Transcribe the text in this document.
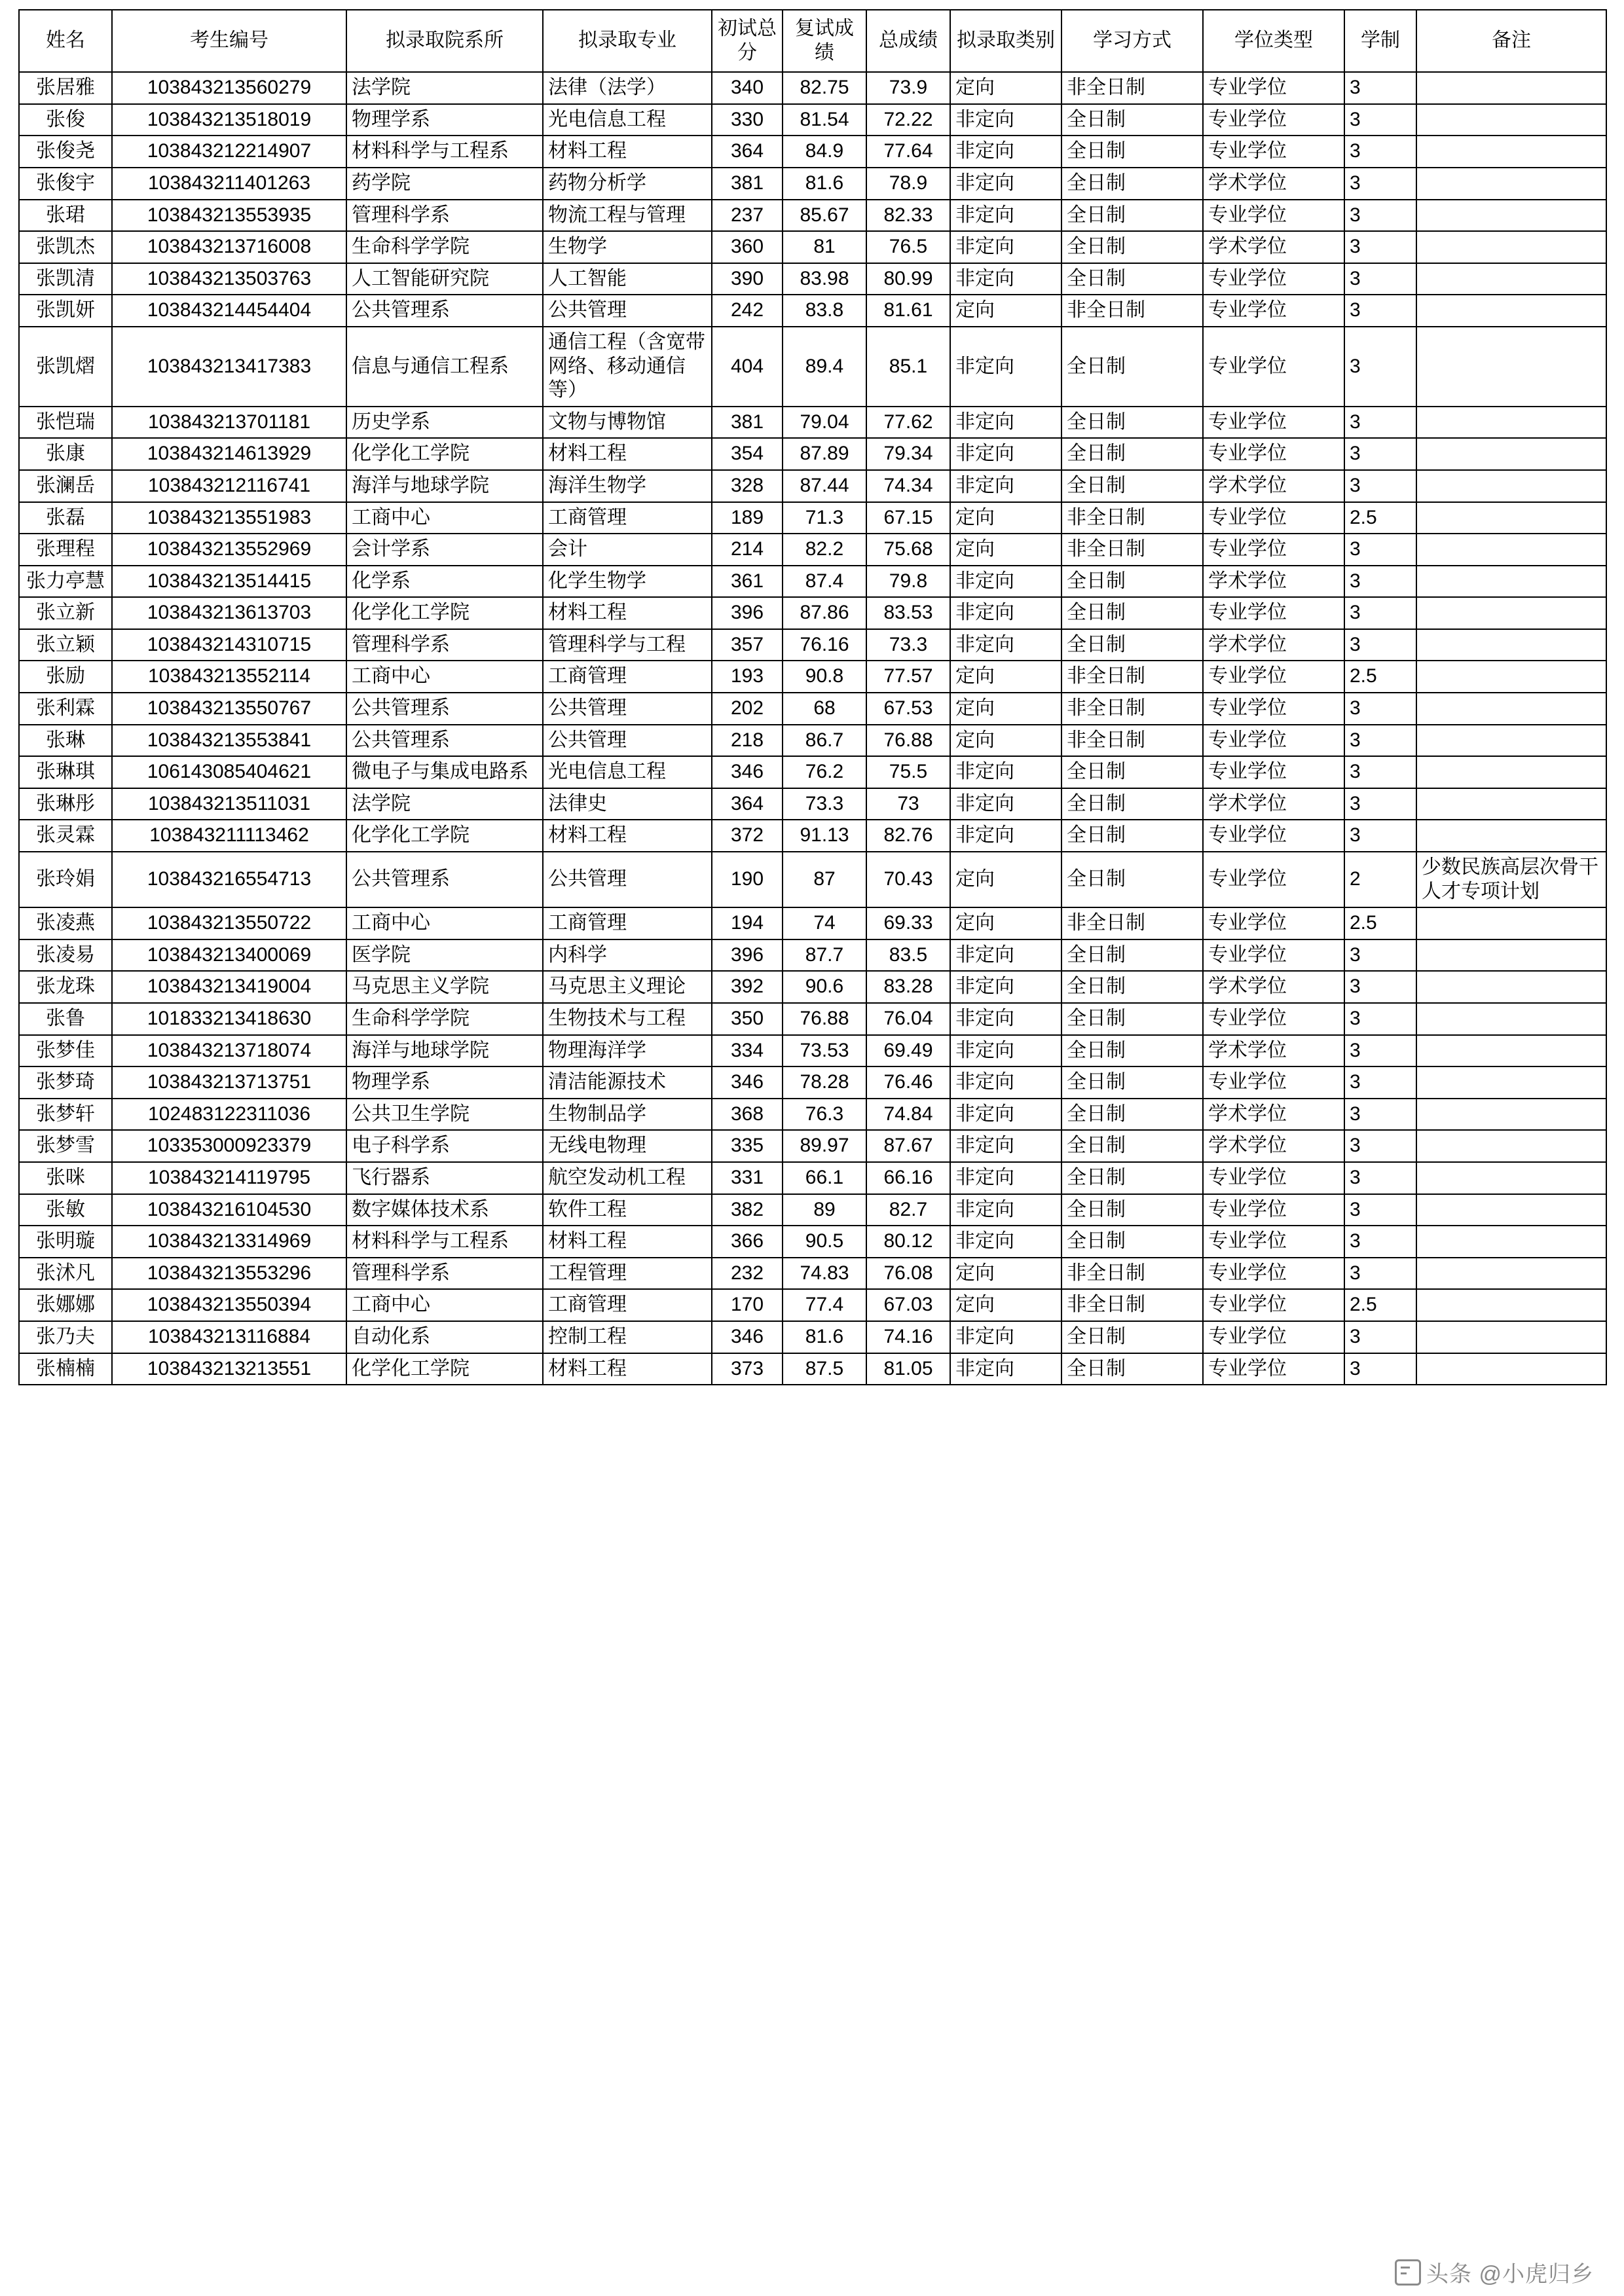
姓名	考生编号	拟录取院系所	拟录取专业	初试总分	复试成绩	总成绩	拟录取类别	学习方式	学位类型	学制	备注
张居雅	103843213560279	法学院	法律（法学）	340	82.75	73.9	定向	非全日制	专业学位	3	
张俊	103843213518019	物理学系	光电信息工程	330	81.54	72.22	非定向	全日制	专业学位	3	
张俊尧	103843212214907	材料科学与工程系	材料工程	364	84.9	77.64	非定向	全日制	专业学位	3	
张俊宇	103843211401263	药学院	药物分析学	381	81.6	78.9	非定向	全日制	学术学位	3	
张珺	103843213553935	管理科学系	物流工程与管理	237	85.67	82.33	非定向	全日制	专业学位	3	
张凯杰	103843213716008	生命科学学院	生物学	360	81	76.5	非定向	全日制	学术学位	3	
张凯清	103843213503763	人工智能研究院	人工智能	390	83.98	80.99	非定向	全日制	专业学位	3	
张凯妍	103843214454404	公共管理系	公共管理	242	83.8	81.61	定向	非全日制	专业学位	3	
张凯熠	103843213417383	信息与通信工程系	通信工程（含宽带网络、移动通信等）	404	89.4	85.1	非定向	全日制	专业学位	3	
张恺瑞	103843213701181	历史学系	文物与博物馆	381	79.04	77.62	非定向	全日制	专业学位	3	
张康	103843214613929	化学化工学院	材料工程	354	87.89	79.34	非定向	全日制	专业学位	3	
张澜岳	103843212116741	海洋与地球学院	海洋生物学	328	87.44	74.34	非定向	全日制	学术学位	3	
张磊	103843213551983	工商中心	工商管理	189	71.3	67.15	定向	非全日制	专业学位	2.5	
张理程	103843213552969	会计学系	会计	214	82.2	75.68	定向	非全日制	专业学位	3	
张力亭慧	103843213514415	化学系	化学生物学	361	87.4	79.8	非定向	全日制	学术学位	3	
张立新	103843213613703	化学化工学院	材料工程	396	87.86	83.53	非定向	全日制	专业学位	3	
张立颖	103843214310715	管理科学系	管理科学与工程	357	76.16	73.3	非定向	全日制	学术学位	3	
张励	103843213552114	工商中心	工商管理	193	90.8	77.57	定向	非全日制	专业学位	2.5	
张利霖	103843213550767	公共管理系	公共管理	202	68	67.53	定向	非全日制	专业学位	3	
张琳	103843213553841	公共管理系	公共管理	218	86.7	76.88	定向	非全日制	专业学位	3	
张琳琪	106143085404621	微电子与集成电路系	光电信息工程	346	76.2	75.5	非定向	全日制	专业学位	3	
张琳彤	103843213511031	法学院	法律史	364	73.3	73	非定向	全日制	学术学位	3	
张灵霖	103843211113462	化学化工学院	材料工程	372	91.13	82.76	非定向	全日制	专业学位	3	
张玲娟	103843216554713	公共管理系	公共管理	190	87	70.43	定向	全日制	专业学位	2	少数民族高层次骨干人才专项计划
张凌燕	103843213550722	工商中心	工商管理	194	74	69.33	定向	非全日制	专业学位	2.5	
张凌易	103843213400069	医学院	内科学	396	87.7	83.5	非定向	全日制	专业学位	3	
张龙珠	103843213419004	马克思主义学院	马克思主义理论	392	90.6	83.28	非定向	全日制	学术学位	3	
张鲁	101833213418630	生命科学学院	生物技术与工程	350	76.88	76.04	非定向	全日制	专业学位	3	
张梦佳	103843213718074	海洋与地球学院	物理海洋学	334	73.53	69.49	非定向	全日制	学术学位	3	
张梦琦	103843213713751	物理学系	清洁能源技术	346	78.28	76.46	非定向	全日制	专业学位	3	
张梦轩	102483122311036	公共卫生学院	生物制品学	368	76.3	74.84	非定向	全日制	学术学位	3	
张梦雪	103353000923379	电子科学系	无线电物理	335	89.97	87.67	非定向	全日制	学术学位	3	
张咪	103843214119795	飞行器系	航空发动机工程	331	66.1	66.16	非定向	全日制	专业学位	3	
张敏	103843216104530	数字媒体技术系	软件工程	382	89	82.7	非定向	全日制	专业学位	3	
张明璇	103843213314969	材料科学与工程系	材料工程	366	90.5	80.12	非定向	全日制	专业学位	3	
张沭凡	103843213553296	管理科学系	工程管理	232	74.83	76.08	定向	非全日制	专业学位	3	
张娜娜	103843213550394	工商中心	工商管理	170	77.4	67.03	定向	非全日制	专业学位	2.5	
张乃夫	103843213116884	自动化系	控制工程	346	81.6	74.16	非定向	全日制	专业学位	3	
张楠楠	103843213213551	化学化工学院	材料工程	373	87.5	81.05	非定向	全日制	专业学位	3	
头条 @小虎归乡
